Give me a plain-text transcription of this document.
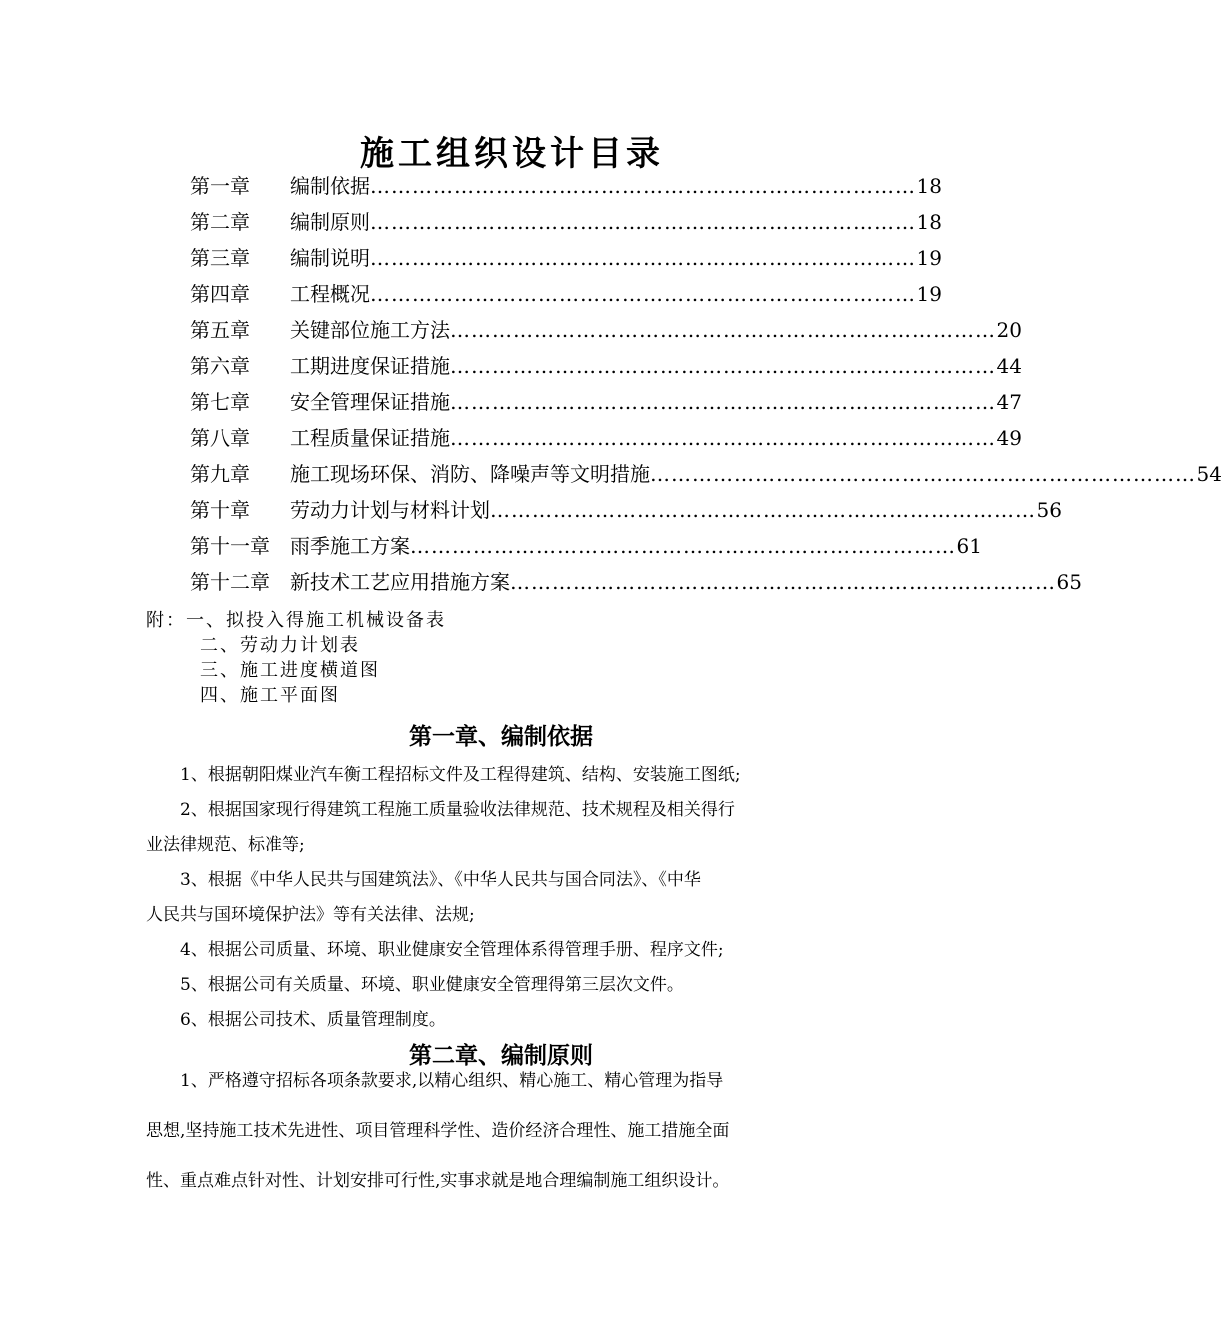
施工组织设计目录
第一章	编制依据 …………………………………………………………………… 18
第二章	编制原则 …………………………………………………………………… 18
第三章	编制说明 …………………………………………………………………… 19
第四章	工程概况 …………………………………………………………………… 19
第五章	关键部位施工方法 …………………………………………………………………… 20
第六章	工期进度保证措施 …………………………………………………………………… 44
第七章	安全管理保证措施 …………………………………………………………………… 47
第八章	工程质量保证措施 …………………………………………………………………… 49
第九章	施工现场环保、消防、降噪声等文明措施 …………………………………………………………………… 54
第十章	劳动力计划与材料计划 …………………………………………………………………… 56
第十一章	雨季施工方案 …………………………………………………………………… 61
第十二章	新技术工艺应用措施方案 …………………………………………………………………… 65
附：一、拟投入得施工机械设备表
二、劳动力计划表
三、施工进度横道图
四、施工平面图
第一章、编制依据
1、根据朝阳煤业汽车衡工程招标文件及工程得建筑、结构、安装施工图纸;
2、根据国家现行得建筑工程施工质量验收法律规范、技术规程及相关得行
业法律规范、标准等;
3、根据《中华人民共与国建筑法》、《中华人民共与国合同法》、《中华
人民共与国环境保护法》等有关法律、法规;
4、根据公司质量、环境、职业健康安全管理体系得管理手册、程序文件;
5、根据公司有关质量、环境、职业健康安全管理得第三层次文件。
6、根据公司技术、质量管理制度。
第二章、编制原则
1、严格遵守招标各项条款要求,以精心组织、精心施工、精心管理为指导
思想,坚持施工技术先进性、项目管理科学性、造价经济合理性、施工措施全面
性、重点难点针对性、计划安排可行性,实事求就是地合理编制施工组织设计。
